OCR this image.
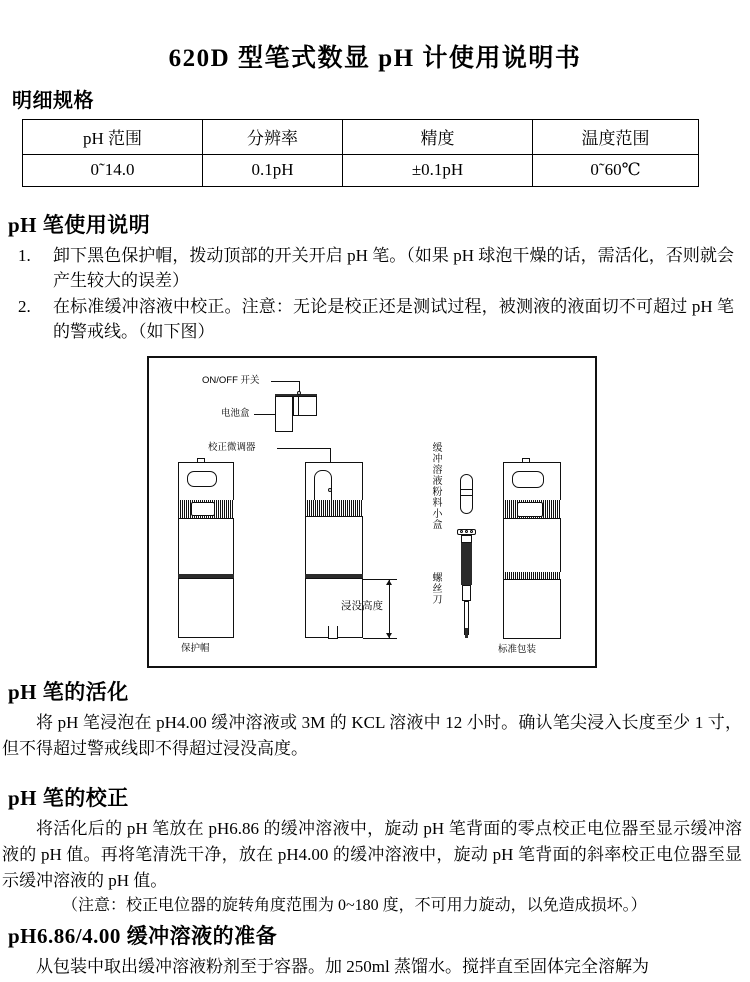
620D 型笔式数显 pH 计使用说明书
明细规格
pH 范围	分辨率	精度	温度范围
0˜14.0	0.1pH	±0.1pH	0˜60℃
pH 笔使用说明
1. 卸下黑色保护帽，拨动顶部的开关开启 pH 笔。（如果 pH 球泡干燥的话，需活化，否则就会产生较大的误差）
2. 在标准缓冲溶液中校正。注意：无论是校正还是测试过程，被测液的液面切不可超过 pH 笔的警戒线。（如下图）
ON/OFF 开关
电池盒
校正微调器
保护帽
浸没高度
缓冲溶液粉料小盒
螺丝刀
标准包装
pH 笔的活化

将 pH 笔浸泡在 pH4.00 缓冲溶液或 3M 的 KCL 溶液中 12 小时。确认笔尖浸入长度至少 1 寸，但不得超过警戒线即不得超过浸没高度。

pH 笔的校正

将活化后的 pH 笔放在 pH6.86 的缓冲溶液中，旋动 pH 笔背面的零点校正电位器至显示缓冲溶液的 pH 值。再将笔清洗干净，放在 pH4.00 的缓冲溶液中，旋动 pH 笔背面的斜率校正电位器至显示缓冲溶液的 pH 值。

（注意：校正电位器的旋转角度范围为 0~180 度，不可用力旋动，以免造成损坏。）

pH6.86/4.00 缓冲溶液的准备

从包装中取出缓冲溶液粉剂至于容器。加 250ml 蒸馏水。搅拌直至固体完全溶解为
